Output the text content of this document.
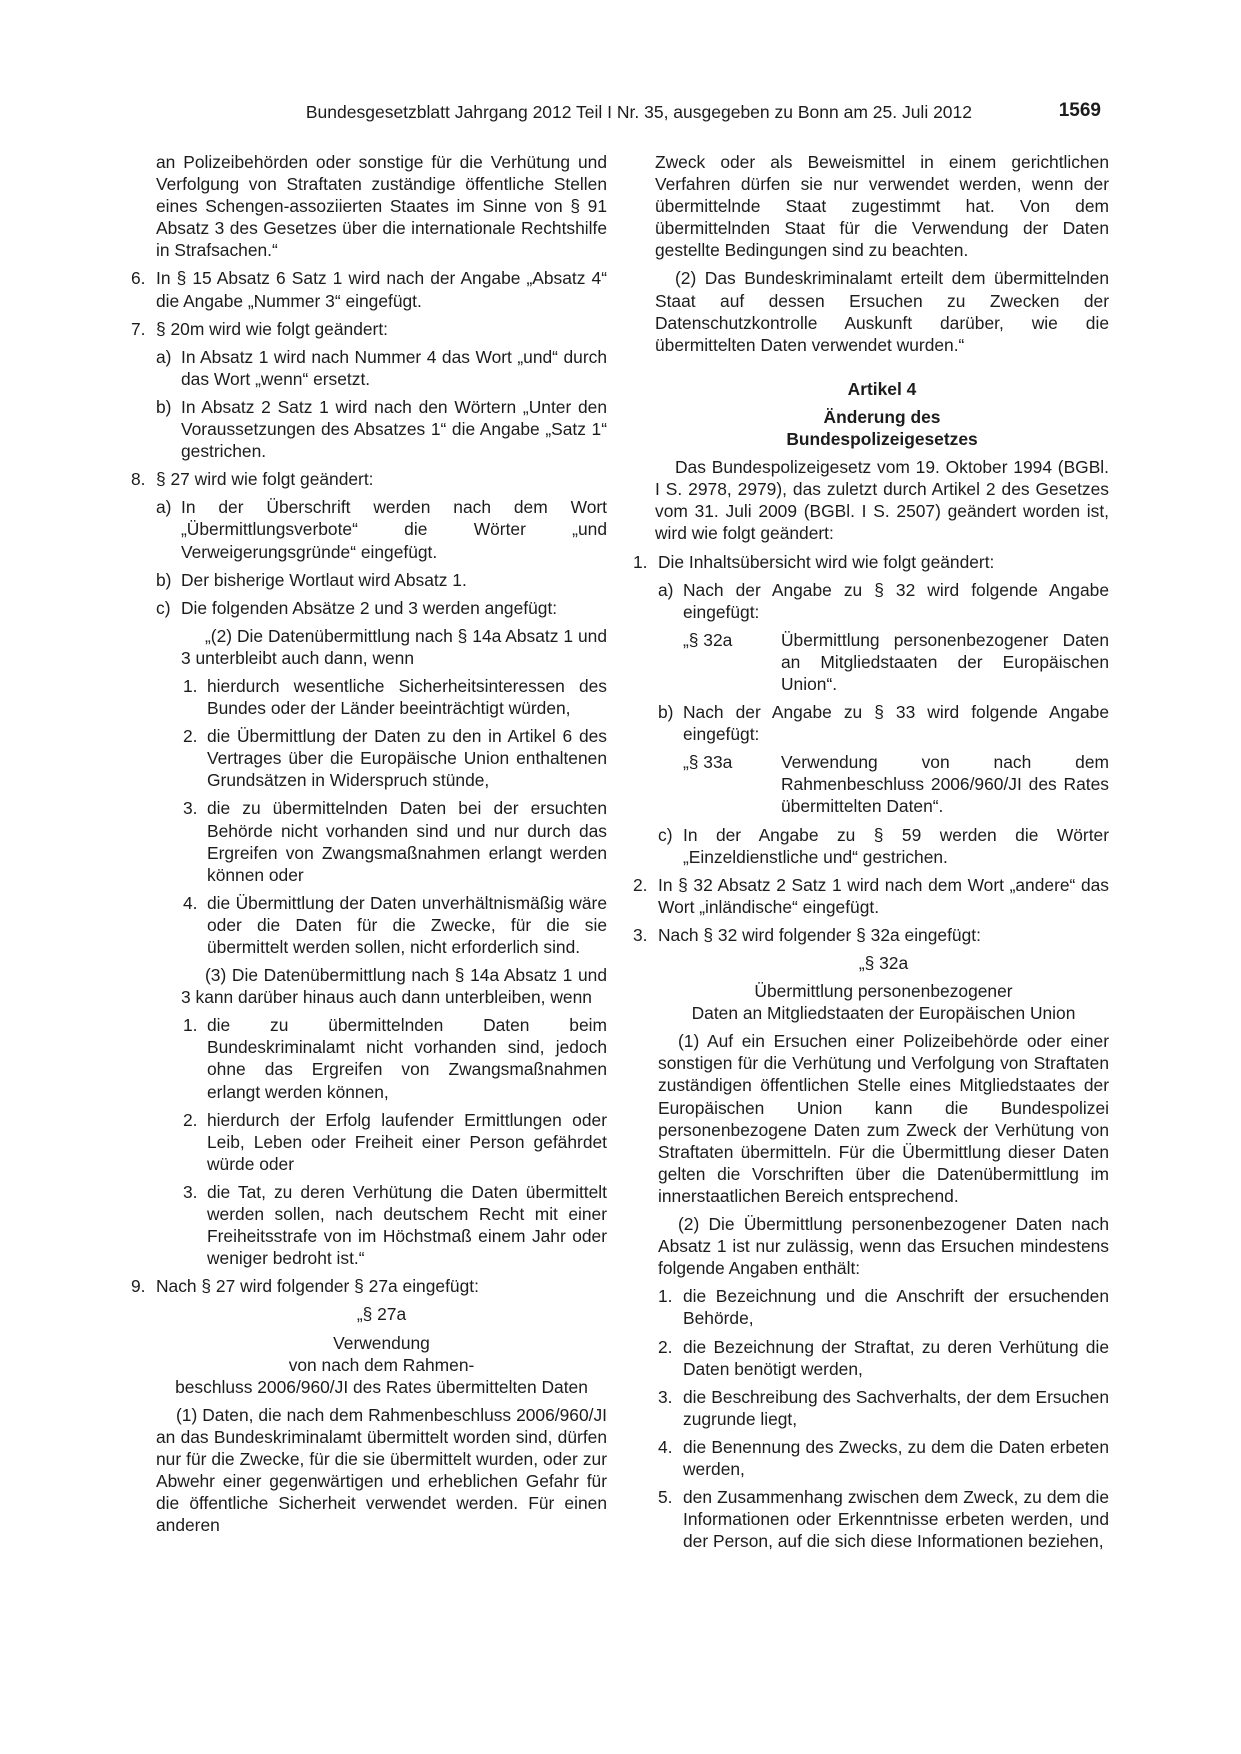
Bundesgesetzblatt Jahrgang 2012 Teil I Nr. 35, ausgegeben zu Bonn am 25. Juli 2012	1569

an Polizeibehörden oder sonstige für die Verhütung und Verfolgung von Straftaten zuständige öffentliche Stellen eines Schengen-assoziierten Staates im Sinne von § 91 Absatz 3 des Gesetzes über die internationale Rechtshilfe in Strafsachen.“

6. In § 15 Absatz 6 Satz 1 wird nach der Angabe „Absatz 4“ die Angabe „Nummer 3“ eingefügt.
7. § 20m wird wie folgt geändert:
a) In Absatz 1 wird nach Nummer 4 das Wort „und“ durch das Wort „wenn“ ersetzt.
b) In Absatz 2 Satz 1 wird nach den Wörtern „Unter den Voraussetzungen des Absatzes 1“ die Angabe „Satz 1“ gestrichen.
8. § 27 wird wie folgt geändert:
a) In der Überschrift werden nach dem Wort „Übermittlungsverbote“ die Wörter „und Verweigerungsgründe“ eingefügt.
b) Der bisherige Wortlaut wird Absatz 1.
c) Die folgenden Absätze 2 und 3 werden angefügt:

„(2) Die Datenübermittlung nach § 14a Absatz 1 und 3 unterbleibt auch dann, wenn

1. hierdurch wesentliche Sicherheitsinteressen des Bundes oder der Länder beeinträchtigt würden,
2. die Übermittlung der Daten zu den in Artikel 6 des Vertrages über die Europäische Union enthaltenen Grundsätzen in Widerspruch stünde,
3. die zu übermittelnden Daten bei der ersuchten Behörde nicht vorhanden sind und nur durch das Ergreifen von Zwangsmaßnahmen erlangt werden können oder
4. die Übermittlung der Daten unverhältnismäßig wäre oder die Daten für die Zwecke, für die sie übermittelt werden sollen, nicht erforderlich sind.

(3) Die Datenübermittlung nach § 14a Absatz 1 und 3 kann darüber hinaus auch dann unterbleiben, wenn

1. die zu übermittelnden Daten beim Bundeskriminalamt nicht vorhanden sind, jedoch ohne das Ergreifen von Zwangsmaßnahmen erlangt werden können,
2. hierdurch der Erfolg laufender Ermittlungen oder Leib, Leben oder Freiheit einer Person gefährdet würde oder
3. die Tat, zu deren Verhütung die Daten übermittelt werden sollen, nach deutschem Recht mit einer Freiheitsstrafe von im Höchstmaß einem Jahr oder weniger bedroht ist.“
9. Nach § 27 wird folgender § 27a eingefügt:

„§ 27a

Verwendung

von nach dem Rahmen-

beschluss 2006/960/JI des Rates übermittelten Daten

(1) Daten, die nach dem Rahmenbeschluss 2006/960/JI an das Bundeskriminalamt übermittelt worden sind, dürfen nur für die Zwecke, für die sie übermittelt wurden, oder zur Abwehr einer gegenwärtigen und erheblichen Gefahr für die öffentliche Sicherheit verwendet werden. Für einen anderen

Zweck oder als Beweismittel in einem gerichtlichen Verfahren dürfen sie nur verwendet werden, wenn der übermittelnde Staat zugestimmt hat. Von dem übermittelnden Staat für die Verwendung der Daten gestellte Bedingungen sind zu beachten.

(2) Das Bundeskriminalamt erteilt dem übermittelnden Staat auf dessen Ersuchen zu Zwecken der Datenschutzkontrolle Auskunft darüber, wie die übermittelten Daten verwendet wurden.“

Artikel 4

Änderung des

Bundespolizeigesetzes

Das Bundespolizeigesetz vom 19. Oktober 1994 (BGBl. I S. 2978, 2979), das zuletzt durch Artikel 2 des Gesetzes vom 31. Juli 2009 (BGBl. I S. 2507) geändert worden ist, wird wie folgt geändert:

1. Die Inhaltsübersicht wird wie folgt geändert:
a) Nach der Angabe zu § 32 wird folgende Angabe eingefügt:
„§ 32a	Übermittlung personenbezogener Daten an Mitgliedstaaten der Europäischen Union“.
b) Nach der Angabe zu § 33 wird folgende Angabe eingefügt:
„§ 33a	Verwendung von nach dem Rahmenbeschluss 2006/960/JI des Rates übermittelten Daten“.
c) In der Angabe zu § 59 werden die Wörter „Einzeldienstliche und“ gestrichen.
2. In § 32 Absatz 2 Satz 1 wird nach dem Wort „andere“ das Wort „inländische“ eingefügt.
3. Nach § 32 wird folgender § 32a eingefügt:

„§ 32a

Übermittlung personenbezogener

Daten an Mitgliedstaaten der Europäischen Union

(1) Auf ein Ersuchen einer Polizeibehörde oder einer sonstigen für die Verhütung und Verfolgung von Straftaten zuständigen öffentlichen Stelle eines Mitgliedstaates der Europäischen Union kann die Bundespolizei personenbezogene Daten zum Zweck der Verhütung von Straftaten übermitteln. Für die Übermittlung dieser Daten gelten die Vorschriften über die Datenübermittlung im innerstaatlichen Bereich entsprechend.

(2) Die Übermittlung personenbezogener Daten nach Absatz 1 ist nur zulässig, wenn das Ersuchen mindestens folgende Angaben enthält:

1. die Bezeichnung und die Anschrift der ersuchenden Behörde,
2. die Bezeichnung der Straftat, zu deren Verhütung die Daten benötigt werden,
3. die Beschreibung des Sachverhalts, der dem Ersuchen zugrunde liegt,
4. die Benennung des Zwecks, zu dem die Daten erbeten werden,
5. den Zusammenhang zwischen dem Zweck, zu dem die Informationen oder Erkenntnisse erbeten werden, und der Person, auf die sich diese Informationen beziehen,
